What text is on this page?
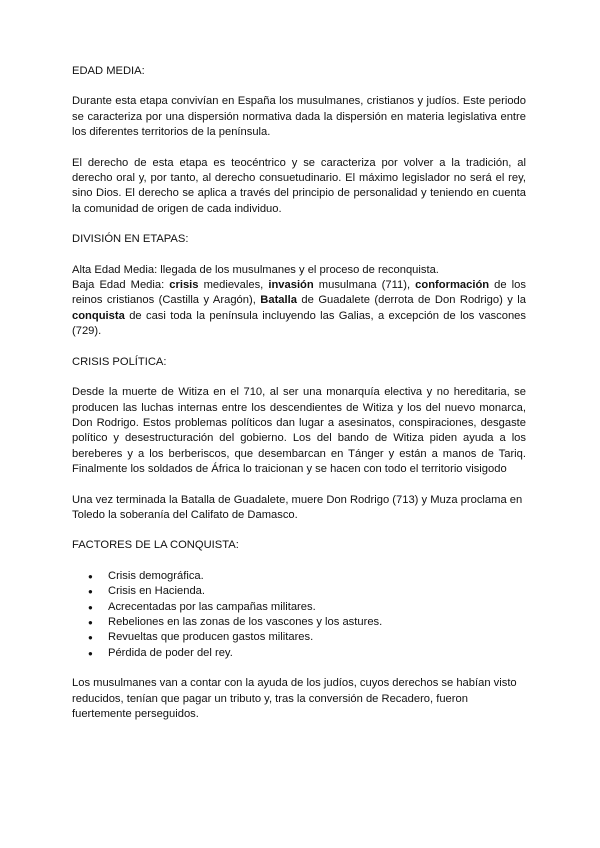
EDAD MEDIA:

Durante esta etapa convivían en España los musulmanes, cristianos y judíos. Este periodo se caracteriza por una dispersión normativa dada la dispersión en materia legislativa entre los diferentes territorios de la península.

El derecho de esta etapa es teocéntrico y se caracteriza por volver a la tradición, al derecho oral y, por tanto, al derecho consuetudinario. El máximo legislador no será el rey, sino Dios. El derecho se aplica a través del principio de personalidad y teniendo en cuenta la comunidad de origen de cada individuo.

DIVISIÓN EN ETAPAS:

Alta Edad Media: llegada de los musulmanes y el proceso de reconquista.

Baja Edad Media: crisis medievales, invasión musulmana (711), conformación de los reinos cristianos (Castilla y Aragón), Batalla de Guadalete (derrota de Don Rodrigo) y la conquista de casi toda la península incluyendo las Galias, a excepción de los vascones (729).

CRISIS POLÍTICA:

Desde la muerte de Witiza en el 710, al ser una monarquía electiva y no hereditaria, se producen las luchas internas entre los descendientes de Witiza y los del nuevo monarca, Don Rodrigo. Estos problemas políticos dan lugar a asesinatos, conspiraciones, desgaste político y desestructuración del gobierno. Los del bando de Witiza piden ayuda a los bereberes y a los berberiscos, que desembarcan en Tánger y están a manos de Tariq. Finalmente los soldados de África lo traicionan y se hacen con todo el territorio visigodo

Una vez terminada la Batalla de Guadalete, muere Don Rodrigo (713) y Muza proclama en Toledo la soberanía del Califato de Damasco.

FACTORES DE LA CONQUISTA:

● Crisis demográfica.
● Crisis en Hacienda.
● Acrecentadas por las campañas militares.
● Rebeliones en las zonas de los vascones y los astures.
● Revueltas que producen gastos militares.
● Pérdida de poder del rey.

Los musulmanes van a contar con la ayuda de los judíos, cuyos derechos se habían visto reducidos, tenían que pagar un tributo y, tras la conversión de Recadero, fueron fuertemente perseguidos.
